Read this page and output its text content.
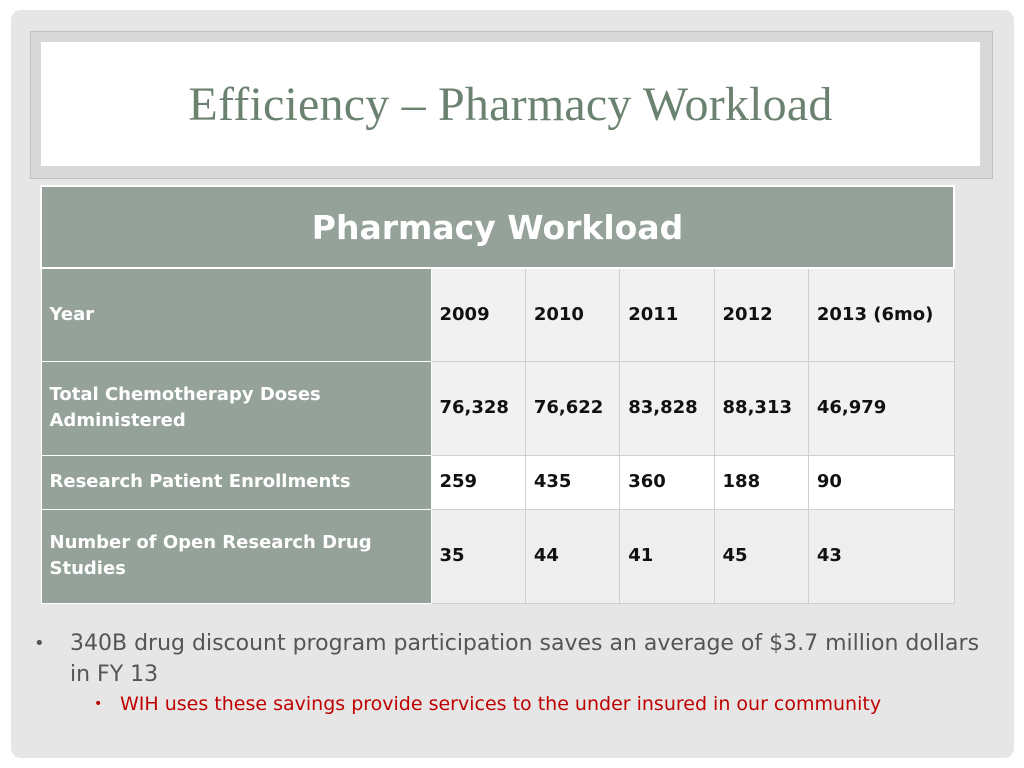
Efficiency – Pharmacy Workload
Pharmacy Workload					
Year	2009	2010	2011	2012	2013 (6mo)
Total Chemotherapy Doses Administered	76,328	76,622	83,828	88,313	46,979
Research Patient Enrollments	259	435	360	188	90
Number of Open Research Drug Studies	35	44	41	45	43
• 340B drug discount program participation saves an average of $3.7 million dollars in FY 13
• WIH uses these savings provide services to the under insured in our community
